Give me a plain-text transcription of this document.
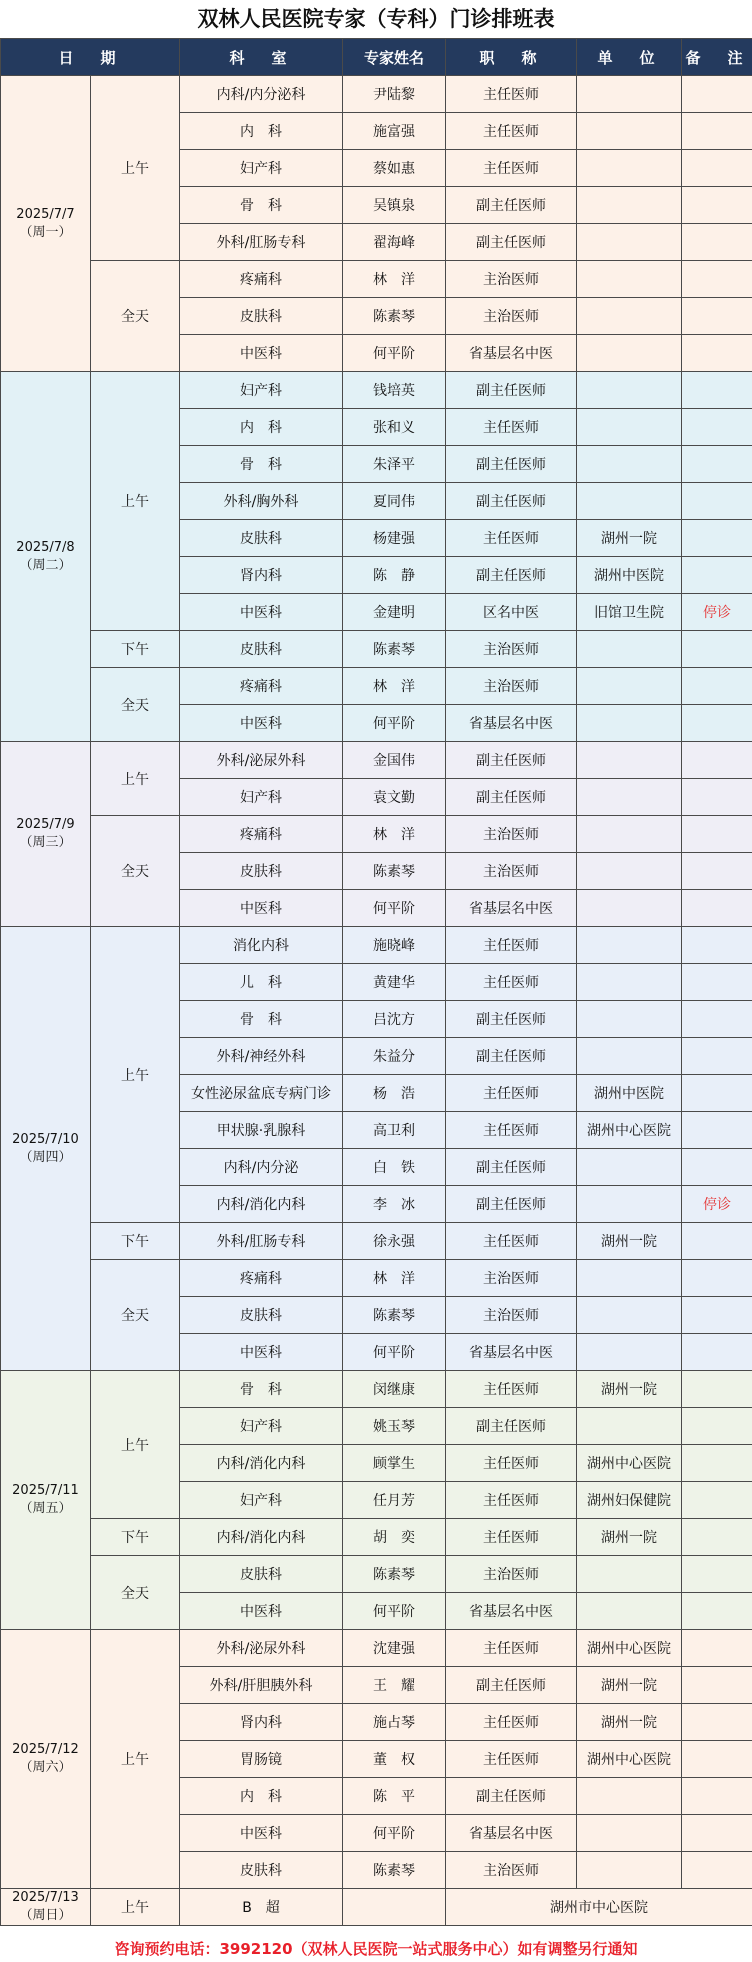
双林人民医院专家（专科）门诊排班表
日　期		科　室	专家姓名	职　称	单　位	备　注

2025/7/7
（周一）	上午	内科/内分泌科	尹陆黎	主任医师		
		内　科	施富强	主任医师		
		妇产科	蔡如惠	主任医师		
		骨　科	吴镇泉	副主任医师		
		外科/肛肠专科	翟海峰	副主任医师		
	全天	疼痛科	林　洋	主治医师		
		皮肤科	陈素琴	主治医师		
		中医科	何平阶	省基层名中医		

2025/7/8
（周二）	上午	妇产科	钱培英	副主任医师		
		内　科	张和义	主任医师		
		骨　科	朱泽平	副主任医师		
		外科/胸外科	夏同伟	副主任医师		
		皮肤科	杨建强	主任医师	湖州一院	
		肾内科	陈　静	副主任医师	湖州中医院	
		中医科	金建明	区名中医	旧馆卫生院	停诊
	下午	皮肤科	陈素琴	主治医师		
	全天	疼痛科	林　洋	主治医师		
		中医科	何平阶	省基层名中医		

2025/7/9
（周三）	上午	外科/泌尿外科	金国伟	副主任医师		
		妇产科	袁文勤	副主任医师		
	全天	疼痛科	林　洋	主治医师		
		皮肤科	陈素琴	主治医师		
		中医科	何平阶	省基层名中医		

2025/7/10
（周四）	上午	消化内科	施晓峰	主任医师		
		儿　科	黄建华	主任医师		
		骨　科	吕沈方	副主任医师		
		外科/神经外科	朱益分	副主任医师		
		女性泌尿盆底专病门诊	杨　浩	主任医师	湖州中医院	
		甲状腺·乳腺科	高卫利	主任医师	湖州中心医院	
		内科/内分泌	白　铁	副主任医师		
		内科/消化内科	李　冰	副主任医师		停诊
	下午	外科/肛肠专科	徐永强	主任医师	湖州一院	
	全天	疼痛科	林　洋	主治医师		
		皮肤科	陈素琴	主治医师		
		中医科	何平阶	省基层名中医		

2025/7/11
（周五）	上午	骨　科	闵继康	主任医师	湖州一院	
		妇产科	姚玉琴	副主任医师		
		内科/消化内科	顾掌生	主任医师	湖州中心医院	
		妇产科	任月芳	主任医师	湖州妇保健院	
	下午	内科/消化内科	胡　奕	主任医师	湖州一院	
	全天	皮肤科	陈素琴	主治医师		
		中医科	何平阶	省基层名中医		

2025/7/12
（周六）	上午	外科/泌尿外科	沈建强	主任医师	湖州中心医院	
		外科/肝胆胰外科	王　耀	副主任医师	湖州一院	
		肾内科	施占琴	主任医师	湖州一院	
		胃肠镜	董　权	主任医师	湖州中心医院	
		内　科	陈　平	副主任医师		
		中医科	何平阶	省基层名中医		
		皮肤科	陈素琴	主治医师		

2025/7/13
（周日）	上午	B　超		湖州市中心医院		
咨询预约电话：3992120（双林人民医院一站式服务中心）如有调整另行通知
